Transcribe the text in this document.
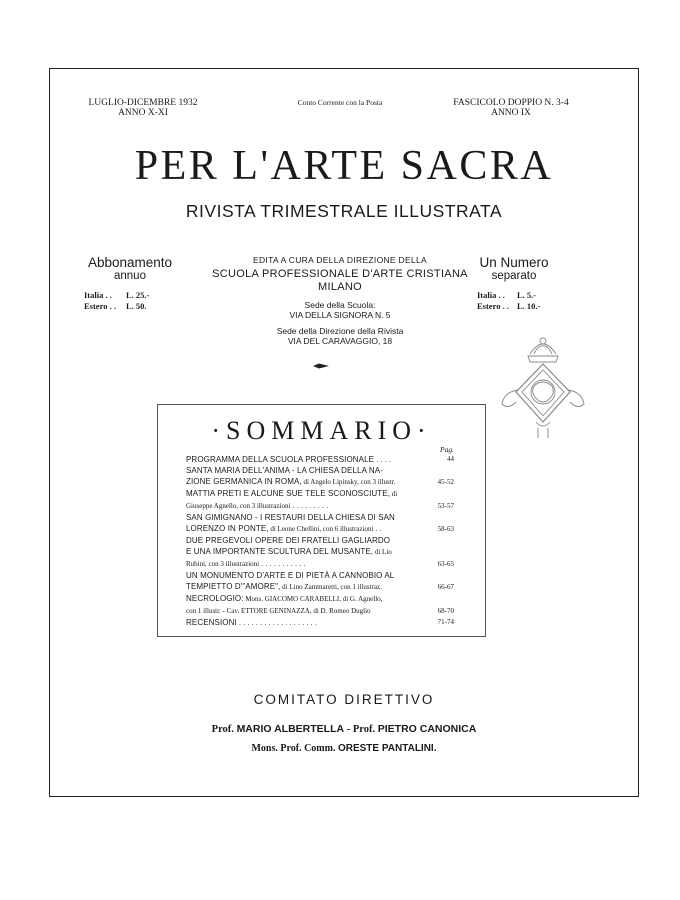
LUGLIO-DICEMBRE 1932
ANNO X-XI
Conto Corrente con la Posta	FASCICOLO DOPPIO N. 3-4
ANNO IX
PER L'ARTE SACRA
RIVISTA TRIMESTRALE ILLUSTRATA
Abbonamento
annuo
Italia . .	L. 25.-
Estero . .	L. 50.
EDITA A CURA DELLA DIREZIONE DELLA
SCUOLA PROFESSIONALE D'ARTE CRISTIANA
MILANO
Sede della Scuola:
VIA DELLA SIGNORA N. 5
Sede della Direzione della Rivista
VIA DEL CARAVAGGIO, 18
Un Numero
separato
Italia . .	L. 5.-
Estero . . L. 10.-
·SOMMARIO·
Pag.
PROGRAMMA DELLA SCUOLA PROFESSIONALE . . . .	44
SANTA MARIA DELL'ANIMA - LA CHIESA DELLA NA-
ZIONE GERMANICA IN ROMA, di Angelo Lipinsky, con 3 illustr.	45-52
MATTIA PRETI E ALCUNE SUE TELE SCONOSCIUTE, di
Giuseppe Agnello, con 3 illustrazioni . . . . . . . . .	53-57
SAN GIMIGNANO - I RESTAURI DELLA CHIESA DI SAN
LORENZO IN PONTE, di Leone Chellini, con 6 illustrazioni . .	58-63
DUE PREGEVOLI OPERE DEI FRATELLI GAGLIARDO
E UNA IMPORTANTE SCULTURA DEL MUSANTE, di Lio
Rubini, con 3 illustrazioni . . . . . . . . . . .	63-65
UN MONUMENTO D'ARTE E DI PIETÀ A CANNOBIO AL
TEMPIETTO D'"AMORE", di Lino Zammaretti, con 1 illustraz.	66-67
NECROLOGIO: Mons. GIACOMO CARABELLI, di G. Agnello,
con 1 illustr. - Cav. ETTORE GENINAZZA, di D. Romeo Duglio	68-70
RECENSIONI . . . . . . . . . . . . . . . . . . .	71-74
COMITATO DIRETTIVO
Prof. MARIO ALBERTELLA - Prof. PIETRO CANONICA
Mons. Prof. Comm. ORESTE PANTALINI.
